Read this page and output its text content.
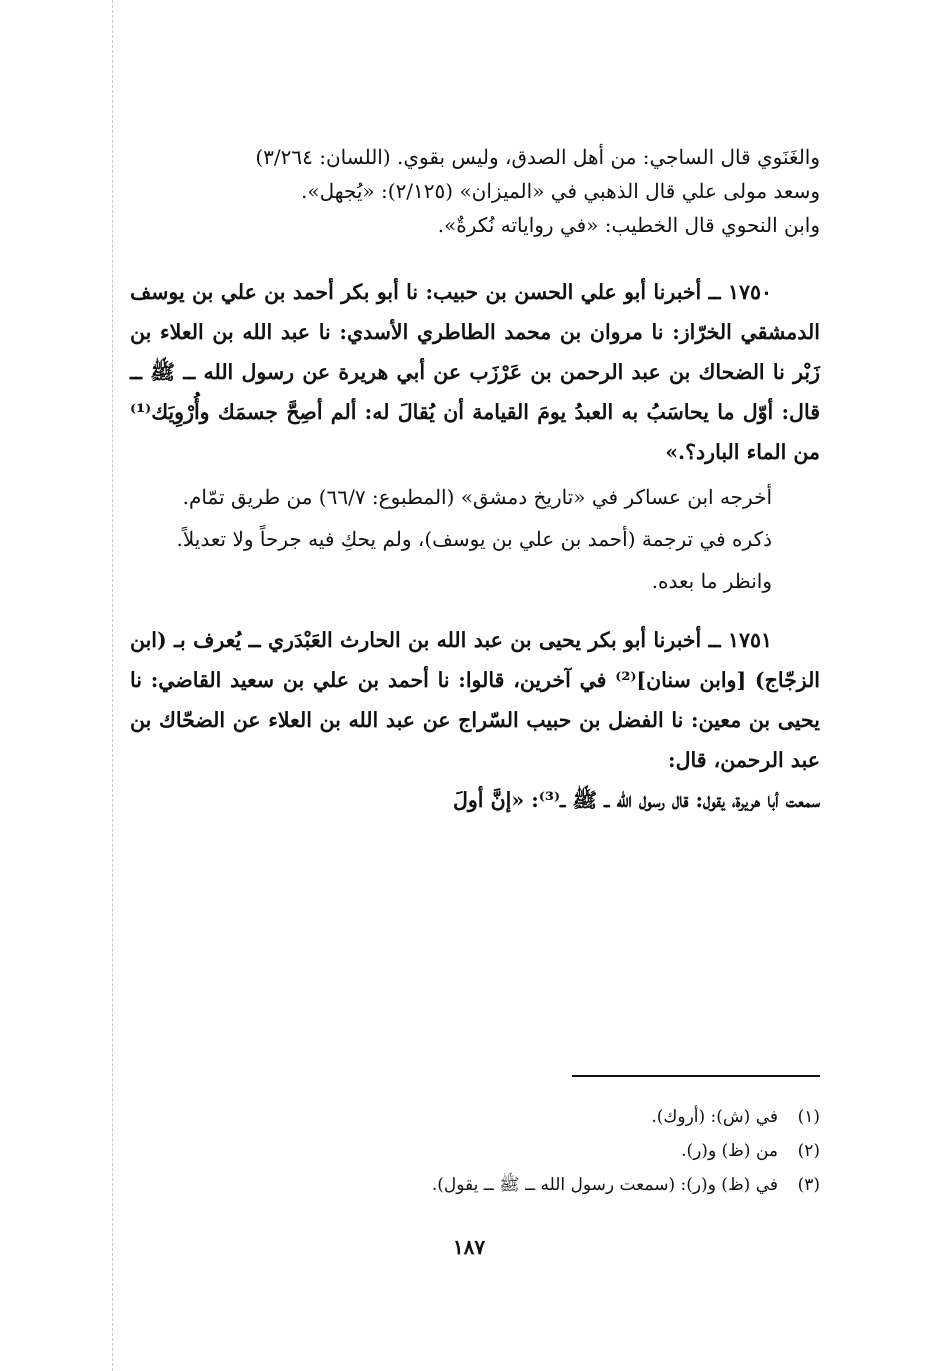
والغَنَوي قال الساجي: من أهل الصدق، وليس بقوي. (اللسان: ٣/٢٦٤)

وسعد مولى علي قال الذهبي في «الميزان» (٢/١٢٥): «يُجهل».

وابن النحوي قال الخطيب: «في رواياته نُكرةٌ».

١٧٥٠ ــ أخبرنا أبو علي الحسن بن حبيب: نا أبو بكر أحمد بن علي بن يوسف الدمشقي الخرّاز: نا مروان بن محمد الطاطري الأسدي: نا عبد الله بن العلاء بن زَبْر نا الضحاك بن عبد الرحمن بن عَرْزَب عن أبي هريرة عن رسول الله ــ ﷺ ــ قال: أوّل ما يحاسَبُ به العبدُ يومَ القيامة أن يُقالَ له: ألم أصِحَّ جسمَك وأُرْوِيَك⁽¹⁾ من الماء البارد؟.»

أخرجه ابن عساكر في «تاريخ دمشق» (المطبوع: ٦٦/٧) من طريق تمّام.

ذكره في ترجمة (أحمد بن علي بن يوسف)، ولم يحكِ فيه جرحاً ولا تعديلاً.

وانظر ما بعده.

١٧٥١ ــ أخبرنا أبو بكر يحيى بن عبد الله بن الحارث العَبْدَري ــ يُعرف بـ (ابن الزجّاج) [وابن سنان]⁽²⁾ في آخرين، قالوا: نا أحمد بن علي بن سعيد القاضي: نا يحيى بن معين: نا الفضل بن حبيب السّراج عن عبد الله بن العلاء عن الضحّاك بن عبد الرحمن، قال:

سمعت أبا هريرة، يقول: قال رسول الله ــ ﷺ ــ⁽³⁾: «إنَّ أولَ

(١)
في (ش): (أروك).

(٢)
من (ظ) و(ر).

(٣)
في (ظ) و(ر): (سمعت رسول الله ــ ﷺ ــ يقول).

١٨٧
